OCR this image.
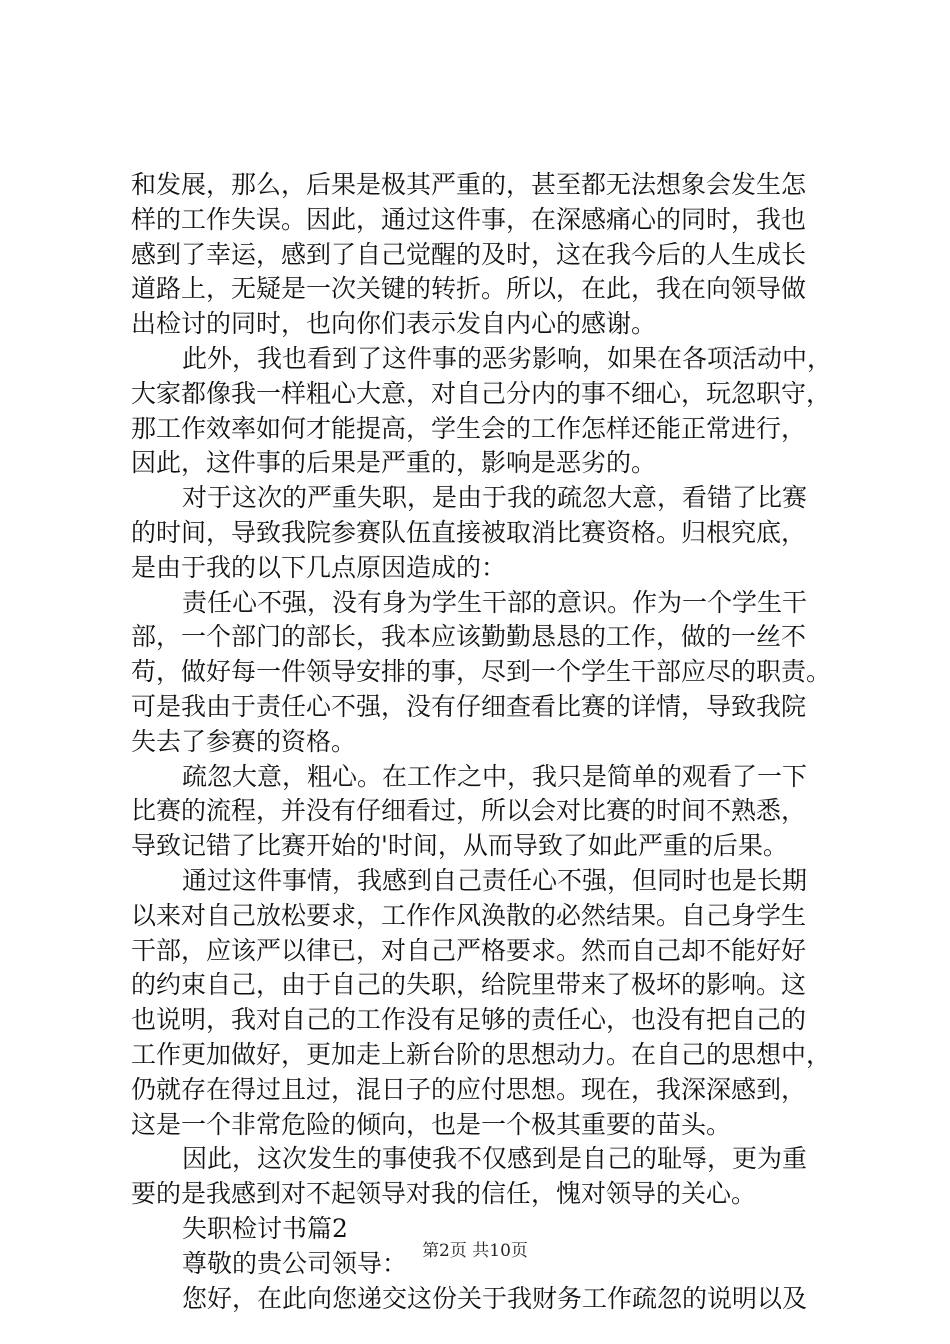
和发展，那么，后果是极其严重的，甚至都无法想象会发生怎
样的工作失误。因此，通过这件事，在深感痛心的同时，我也
感到了幸运，感到了自己觉醒的及时，这在我今后的人生成长
道路上，无疑是一次关键的转折。所以，在此，我在向领导做
出检讨的同时，也向你们表示发自内心的感谢。
此外，我也看到了这件事的恶劣影响，如果在各项活动中，
大家都像我一样粗心大意，对自己分内的事不细心，玩忽职守，
那工作效率如何才能提高，学生会的工作怎样还能正常进行，
因此，这件事的后果是严重的，影响是恶劣的。
对于这次的严重失职，是由于我的疏忽大意，看错了比赛
的时间，导致我院参赛队伍直接被取消比赛资格。归根究底，
是由于我的以下几点原因造成的：
责任心不强，没有身为学生干部的意识。作为一个学生干
部，一个部门的部长，我本应该勤勤恳恳的工作，做的一丝不
苟，做好每一件领导安排的事，尽到一个学生干部应尽的职责。
可是我由于责任心不强，没有仔细查看比赛的详情，导致我院
失去了参赛的资格。
疏忽大意，粗心。在工作之中，我只是简单的观看了一下
比赛的流程，并没有仔细看过，所以会对比赛的时间不熟悉，
导致记错了比赛开始的'时间，从而导致了如此严重的后果。
通过这件事情，我感到自己责任心不强，但同时也是长期
以来对自己放松要求，工作作风涣散的必然结果。自己身学生
干部，应该严以律已，对自己严格要求。然而自己却不能好好
的约束自己，由于自己的失职，给院里带来了极坏的影响。这
也说明，我对自己的工作没有足够的责任心，也没有把自己的
工作更加做好，更加走上新台阶的思想动力。在自己的思想中，
仍就存在得过且过，混日子的应付思想。现在，我深深感到，
这是一个非常危险的倾向，也是一个极其重要的苗头。
因此，这次发生的事使我不仅感到是自己的耻辱，更为重
要的是我感到对不起领导对我的信任，愧对领导的关心。
失职检讨书篇2
尊敬的贵公司领导：
您好，在此向您递交这份关于我财务工作疏忽的说明以及
第2页 共10页
